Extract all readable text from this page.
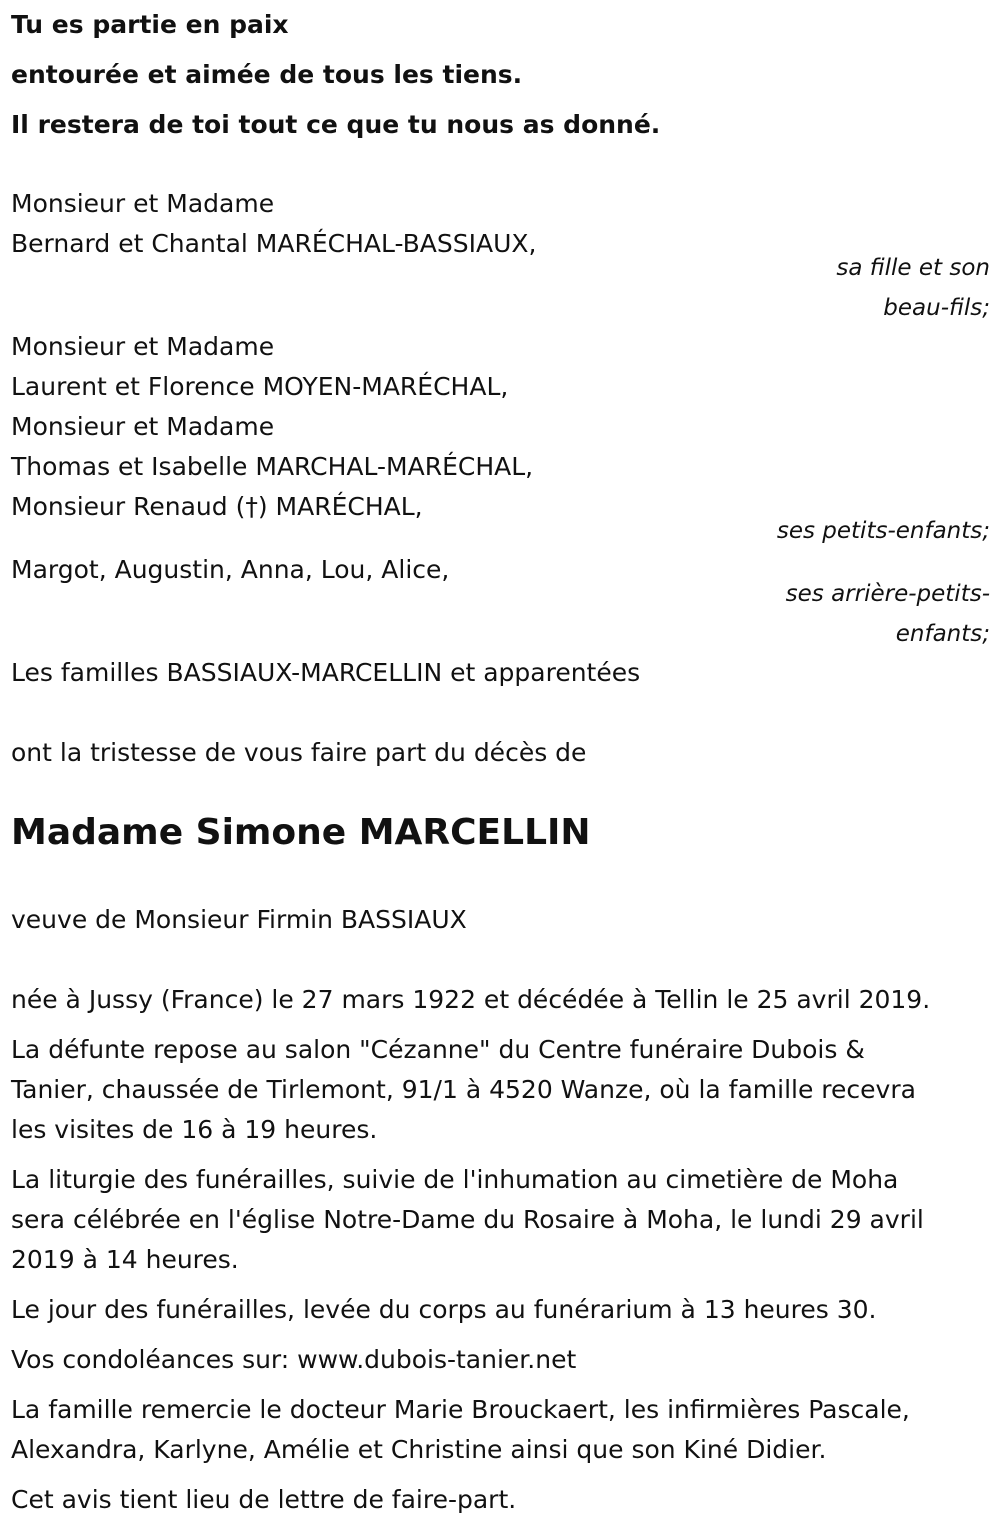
Tu es partie en paix
entourée et aimée de tous les tiens.
Il restera de toi tout ce que tu nous as donné.
Monsieur et Madame
Bernard et Chantal MARÉCHAL-BASSIAUX,
sa fille et son
beau-fils;
Monsieur et Madame
Laurent et Florence MOYEN-MARÉCHAL,
Monsieur et Madame
Thomas et Isabelle MARCHAL-MARÉCHAL,
Monsieur Renaud (†) MARÉCHAL,
ses petits-enfants;
Margot, Augustin, Anna, Lou, Alice,
ses arrière-petits-
enfants;
Les familles BASSIAUX-MARCELLIN et apparentées
ont la tristesse de vous faire part du décès de
Madame Simone MARCELLIN
veuve de Monsieur Firmin BASSIAUX
née à Jussy (France) le 27 mars 1922 et décédée à Tellin le 25 avril 2019.
La défunte repose au salon "Cézanne" du Centre funéraire Dubois &
Tanier, chaussée de Tirlemont, 91/1 à 4520 Wanze, où la famille recevra
les visites de 16 à 19 heures.
La liturgie des funérailles, suivie de l'inhumation au cimetière de Moha
sera célébrée en l'église Notre-Dame du Rosaire à Moha, le lundi 29 avril
2019 à 14 heures.
Le jour des funérailles, levée du corps au funérarium à 13 heures 30.
Vos condoléances sur: www.dubois-tanier.net
La famille remercie le docteur Marie Brouckaert, les infirmières Pascale,
Alexandra, Karlyne, Amélie et Christine ainsi que son Kiné Didier.
Cet avis tient lieu de lettre de faire-part.
